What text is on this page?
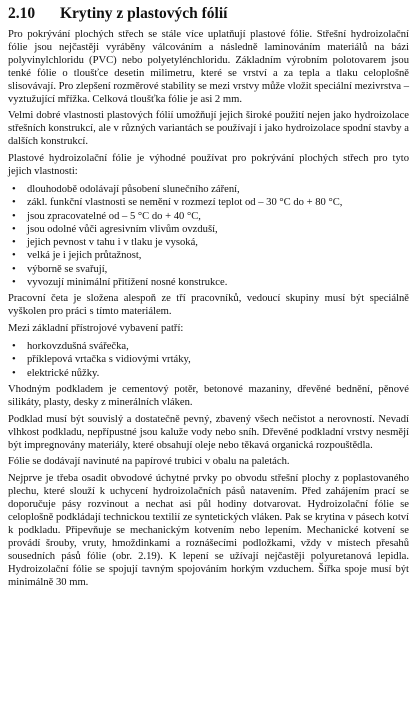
2.10	Krytiny z plastových fólií

Pro pokrývání plochých střech se stále více uplatňují plastové fólie. Střešní hydroizolační fólie jsou nejčastěji vyráběny válcováním a následně laminováním materiálů na bázi polyvinylchloridu (PVC) nebo polyetylénchloridu. Základním výrobním polotovarem jsou tenké fólie o tloušťce desetin milimetru, které se vrství a za tepla a tlaku celoplošně slisovávají. Pro zlepšení rozměrové stability se mezi vrstvy může vložit speciální mezivrstva – vyztužující mřížka. Celková tloušťka fólie je asi 2 mm.

Velmi dobré vlastnosti plastových fólií umožňují jejich široké použití nejen jako hydroizolace střešních konstrukcí, ale v různých variantách se používají i jako hydroizolace spodní stavby a dalších konstrukcí.

Plastové hydroizolační fólie je výhodné používat pro pokrývání plochých střech pro tyto jejich vlastnosti:

• dlouhodobě odolávají působení slunečního záření,
• zákl. funkční vlastnosti se nemění v rozmezí teplot od – 30 °C do + 80 °C,
• jsou zpracovatelné od – 5 °C do + 40 °C,
• jsou odolné vůči agresivním vlivům ovzduší,
• jejich pevnost v tahu i v tlaku je vysoká,
• velká je i jejich průtažnost,
• výborně se svařují,
• vyvozují minimální přitížení nosné konstrukce.

Pracovní četa je složena alespoň ze tří pracovníků, vedoucí skupiny musí být speciálně vyškolen pro práci s tímto materiálem.

Mezi základní přístrojové vybavení patří:

• horkovzdušná svářečka,
• příklepová vrtačka s vidiovými vrtáky,
• elektrické nůžky.

Vhodným podkladem je cementový potěr, betonové mazaniny, dřevěné bednění, pěnové silikáty, plasty, desky z minerálních vláken.

Podklad musí být souvislý a dostatečně pevný, zbavený všech nečistot a nerovností. Nevadí vlhkost podkladu, nepřípustné jsou kaluže vody nebo sníh. Dřevěné podkladní vrstvy nesmějí být impregnovány materiály, které obsahují oleje nebo těkavá organická rozpouštědla.

Fólie se dodávají navinuté na papírové trubici v obalu na paletách.

Nejprve je třeba osadit obvodové úchytné prvky po obvodu střešní plochy z poplastovaného plechu, které slouží k uchycení hydroizolačních pásů natavením. Před zahájením prací se doporučuje pásy rozvinout a nechat asi půl hodiny dotvarovat. Hydroizolační fólie se celoplošně podkládají technickou textilií ze syntetických vláken. Pak se krytina v pásech kotví k podkladu. Připevňuje se mechanickým kotvením nebo lepením. Mechanické kotvení se provádí šrouby, vruty, hmoždinkami a roznášecími podložkami, vždy v místech přesahů sousedních pásů fólie (obr. 2.19). K lepení se užívají nejčastěji polyuretanová lepidla. Hydroizolační fólie se spojují tavným spojováním horkým vzduchem. Šířka spoje musí být minimálně 30 mm.
